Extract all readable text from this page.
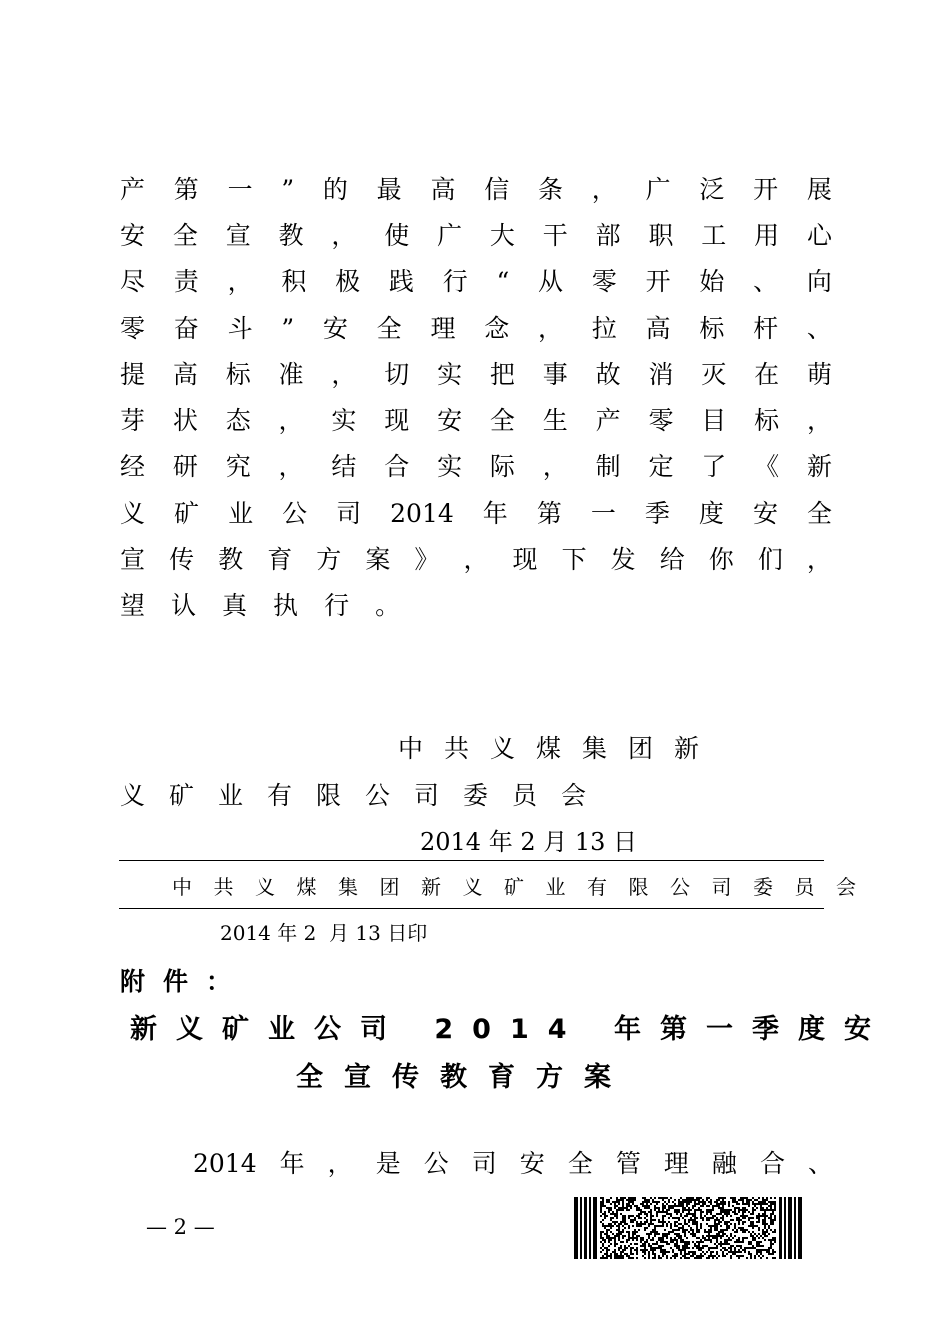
产 第 一 ” 的 最 高 信 条 ， 广 泛 开 展
安 全 宣 教 ， 使 广 大 干 部 职 工 用 心
尽 责 ， 积 极 践 行 “ 从 零 开 始 、 向
零 奋 斗 ” 安 全 理 念 ， 拉 高 标 杆 、
提 高 标 准 ， 切 实 把 事 故 消 灭 在 萌
芽 状 态 ， 实 现 安 全 生 产 零 目 标 ，
经 研 究 ， 结 合 实 际 ， 制 定 了 《 新
义 矿 业 公 司 2014 年 第 一 季 度 安 全
宣 传 教 育 方 案 》 ， 现 下 发 给 你 们 ，
望 认 真 执 行 。
中共义煤集团新
义矿业有限公司委员会
2014 年 2 月 13 日
中共义煤集团新义矿业有限公司委员会
2014 年 2  月 13 日印
附件：
新义矿业公司 2014 年第一季度安
全宣传教育方案
2014 年 ， 是 公 司 安 全 管 理 融 合 、
— 2 —
